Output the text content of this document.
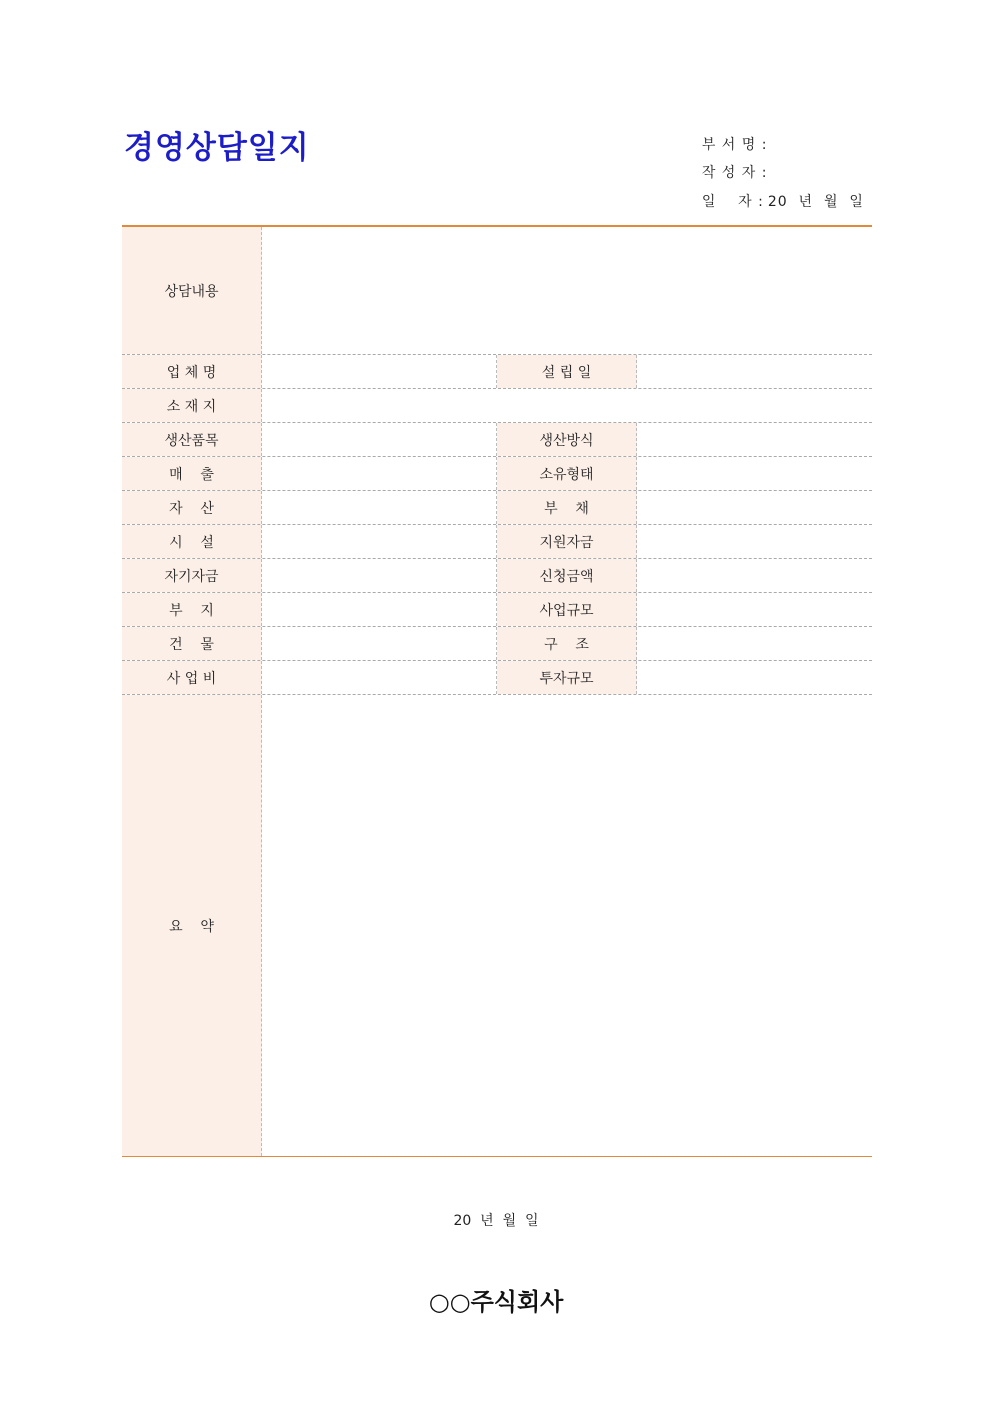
경영상담일지	부 서 명 :

작 성 자 :

일    자 : 20  년  월  일

상담내용
업 체 명	설 립 일
소 재 지
생산품목	생산방식
매    출	소유형태
자    산	부    채
시    설	지원자금
자기자금	신청금액
부    지	사업규모
건    물	구    조
사 업 비	투자규모
요    약
20  년  월  일
○○주식회사
